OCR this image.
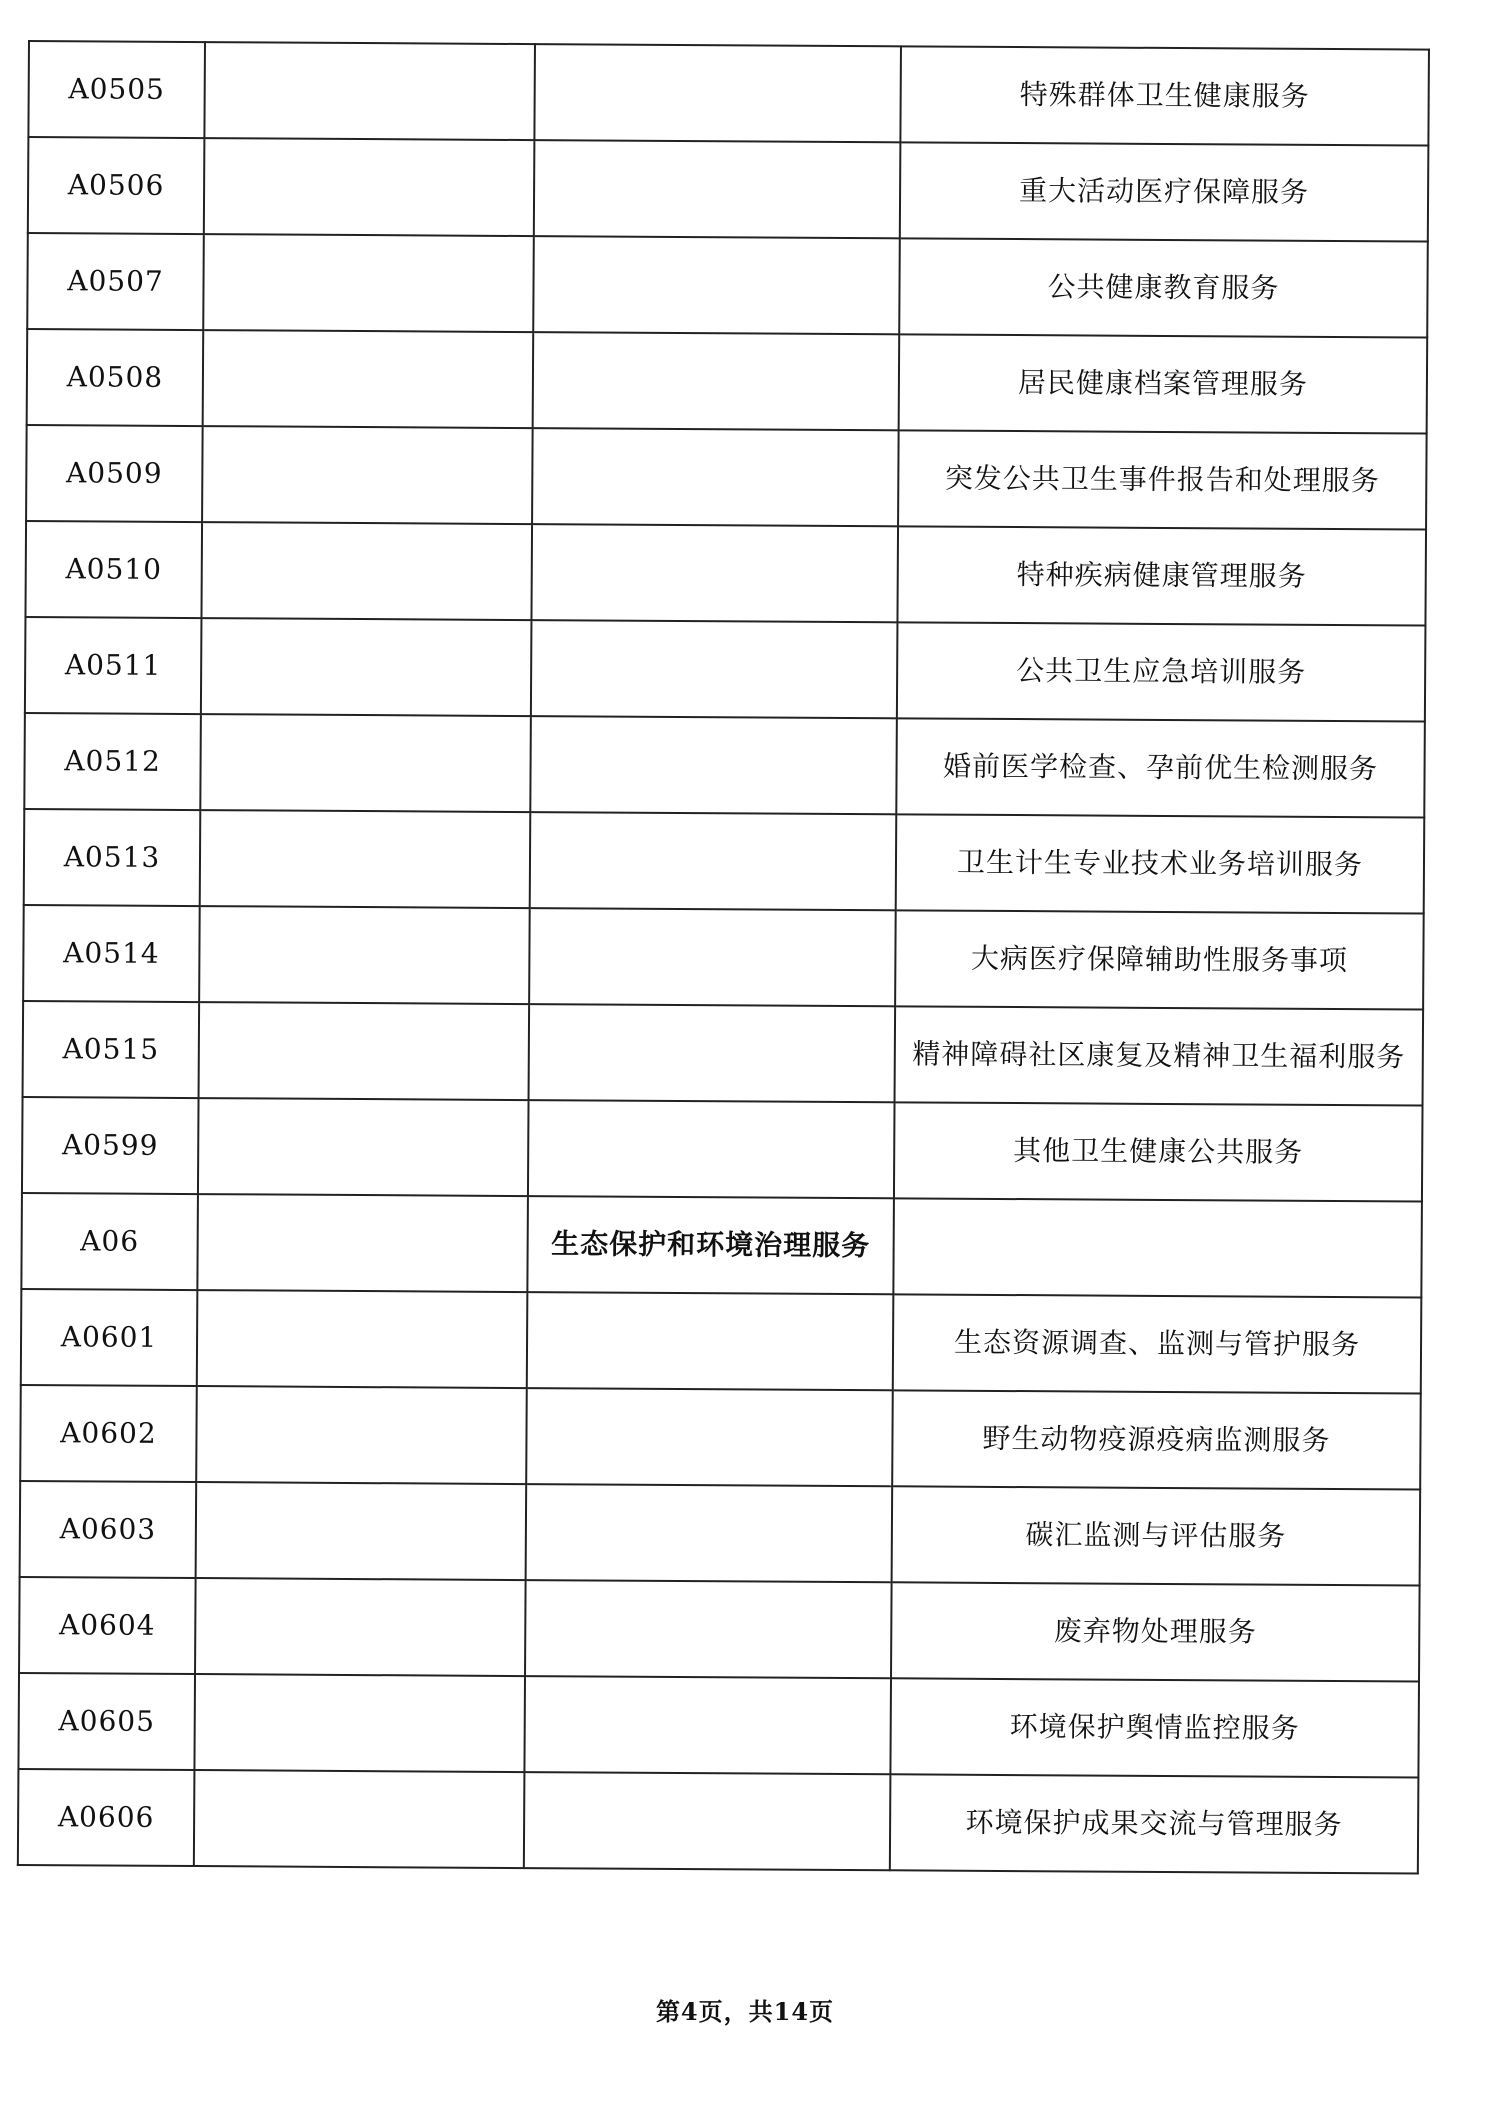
A0505			特殊群体卫生健康服务
A0506			重大活动医疗保障服务
A0507			公共健康教育服务
A0508			居民健康档案管理服务
A0509			突发公共卫生事件报告和处理服务
A0510			特种疾病健康管理服务
A0511			公共卫生应急培训服务
A0512			婚前医学检查、孕前优生检测服务
A0513			卫生计生专业技术业务培训服务
A0514			大病医疗保障辅助性服务事项
A0515			精神障碍社区康复及精神卫生福利服务
A0599			其他卫生健康公共服务
A06		生态保护和环境治理服务	
A0601			生态资源调查、监测与管护服务
A0602			野生动物疫源疫病监测服务
A0603			碳汇监测与评估服务
A0604			废弃物处理服务
A0605			环境保护舆情监控服务
A0606			环境保护成果交流与管理服务
第4页，共14页
